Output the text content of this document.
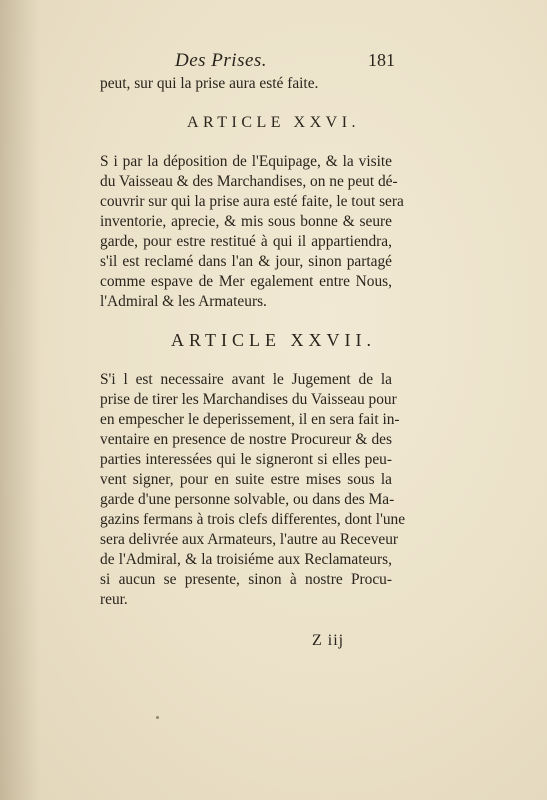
Des Prises.	181
peut, sur qui la prise aura esté faite.
ARTICLE XXVI.
S i par la déposition de l'Equipage, & la visite
du Vaisseau & des Marchandises, on ne peut dé-
couvrir sur qui la prise aura esté faite, le tout sera
inventorie, aprecie, & mis sous bonne & seure
garde, pour estre restitué à qui il appartiendra,
s'il est reclamé dans l'an & jour, sinon partagé
comme espave de Mer egalement entre Nous,
l'Admiral & les Armateurs.
ARTICLE XXVII.
S'i l est necessaire avant le Jugement de la
prise de tirer les Marchandises du Vaisseau pour
en empescher le deperissement, il en sera fait in-
ventaire en presence de nostre Procureur & des
parties interessées qui le signeront si elles peu-
vent signer, pour en suite estre mises sous la
garde d'une personne solvable, ou dans des Ma-
gazins fermans à trois clefs differentes, dont l'une
sera delivrée aux Armateurs, l'autre au Receveur
de l'Admiral, & la troisiéme aux Reclamateurs,
si aucun se presente, sinon à nostre Procu-
reur.
Z iij
